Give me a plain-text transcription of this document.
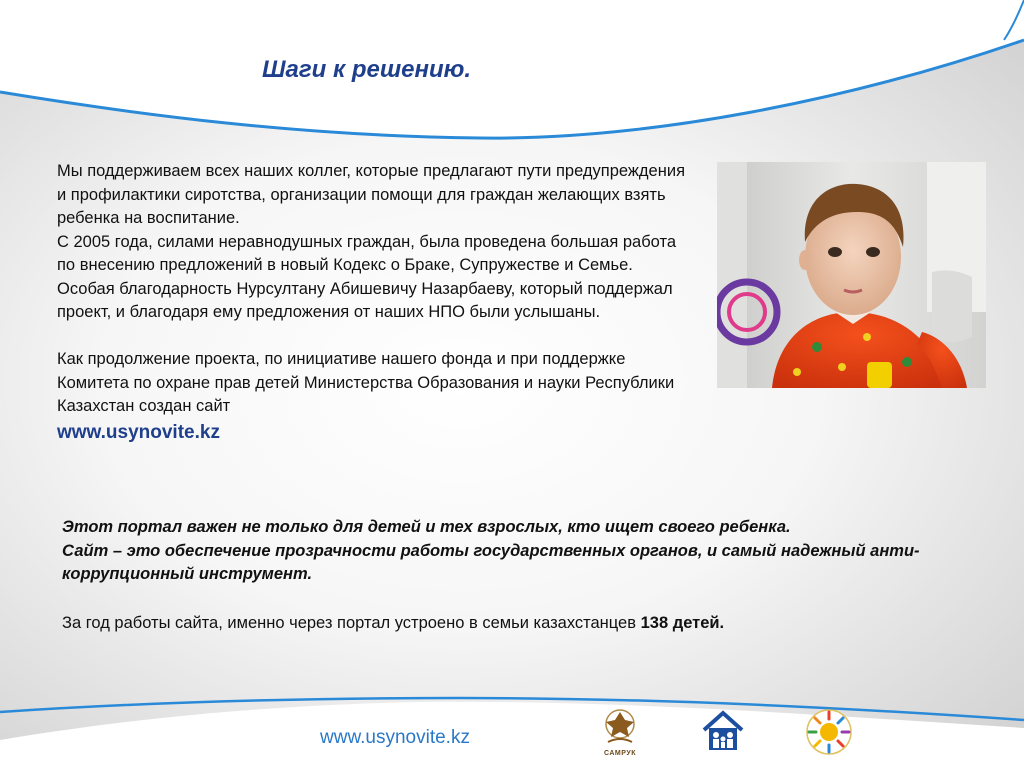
Шаги к решению.

Мы поддерживаем всех наших коллег, которые предлагают пути предупреждения и профилактики сиротства, организации помощи для граждан желающих взять ребенка на воспитание.

С 2005 года, силами неравнодушных граждан, была проведена большая работа по внесению предложений в новый Кодекс о Браке, Супружестве и Семье.

Особая благодарность Нурсултану Абишевичу Назарбаеву, который поддержал проект, и благодаря ему предложения от наших НПО были услышаны.

Как продолжение проекта, по инициативе нашего фонда и при поддержке Комитета по охране прав детей Министерства Образования и науки Республики Казахстан создан сайт

www.usynovite.kz

Этот портал важен не только для детей и тех взрослых, кто ищет своего ребенка.

Сайт – это обеспечение прозрачности работы государственных органов, и самый надежный анти-коррупционный инструмент.

За год работы сайта, именно через портал устроено в семьи казахстанцев 138 детей.
www.usynovite.kz
САМРУК
